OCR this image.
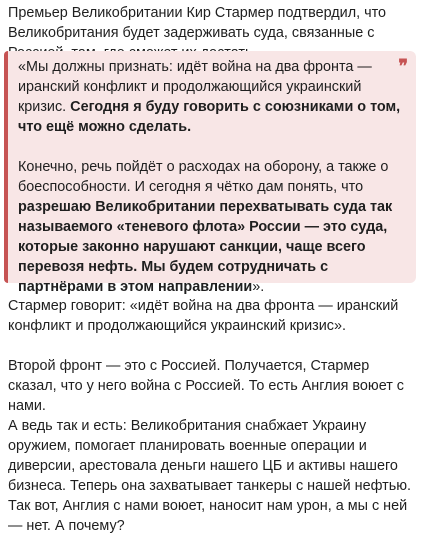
Премьер Великобритании Кир Стармер подтвердил, что Великобритания будет задерживать суда, связанные с

❞

«Мы должны признать: идёт война на два фронта — иранский конфликт и продолжающийся украинский кризис. Сегодня я буду говорить с союзниками о том, что ещё можно сделать.

Конечно, речь пойдёт о расходах на оборону, а также о боеспособности. И сегодня я чётко дам понять, что разрешаю Великобритании перехватывать суда так называемого «теневого флота» России — это суда, которые законно нарушают санкции, чаще всего перевозя нефть. Мы будем сотрудничать с партнёрами в этом направлении».

Стармер говорит: «идёт война на два фронта — иранский конфликт и продолжающийся украинский кризис».

Второй фронт — это с Россией. Получается, Стармер сказал, что у него война с Россией. То есть Англия воюет с нами.

А ведь так и есть: Великобритания снабжает Украину оружием, помогает планировать военные операции и диверсии, арестовала деньги нашего ЦБ и активы нашего бизнеса. Теперь она захватывает танкеры с нашей нефтью.

Так вот, Англия с нами воюет, наносит нам урон, а мы с ней — нет. А почему?
